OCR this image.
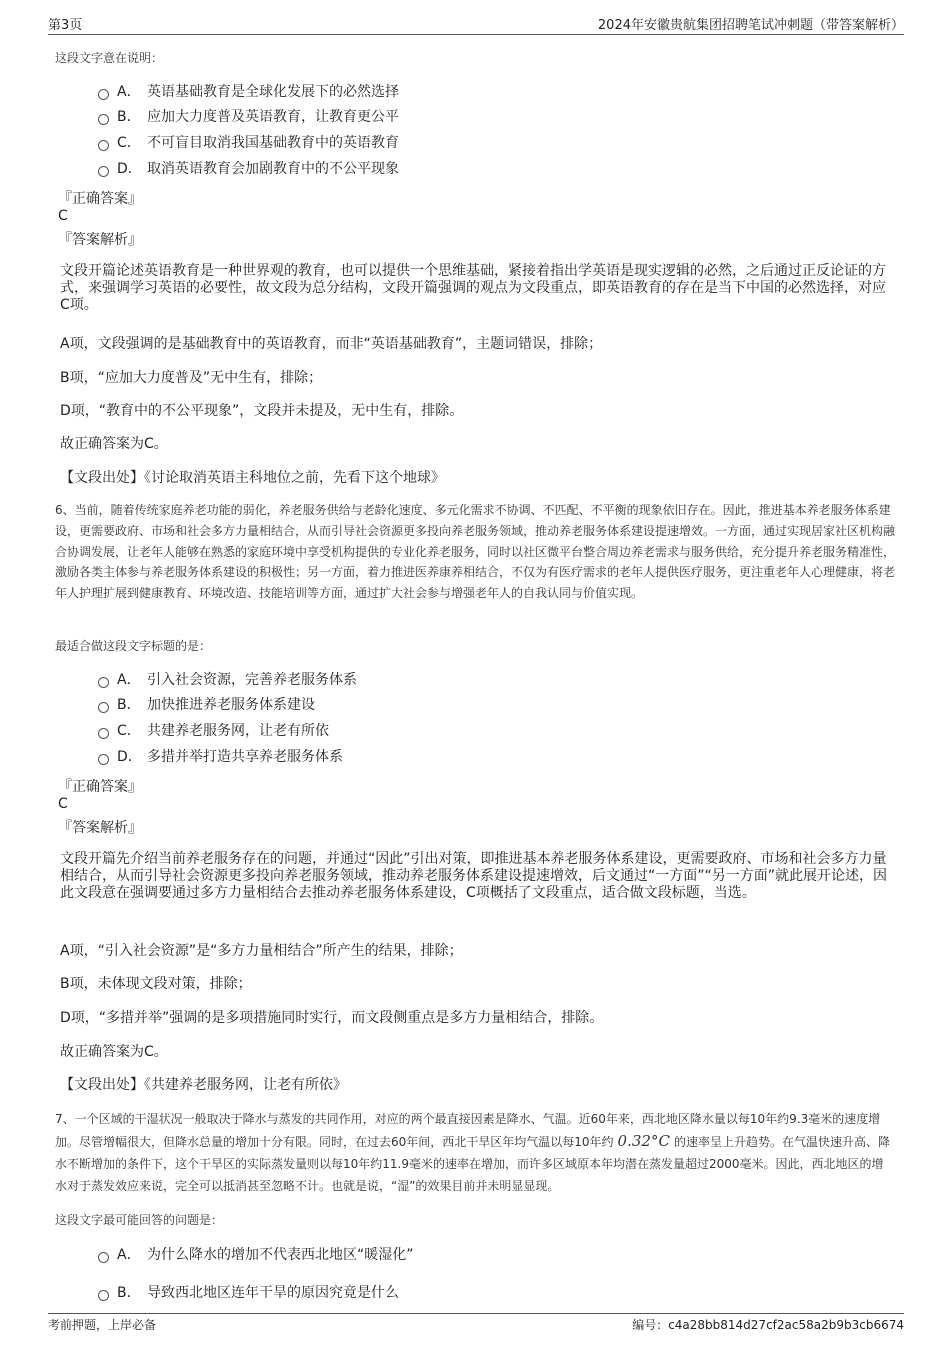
第3页	2024年安徽贵航集团招聘笔试冲刺题（带答案解析）
这段文字意在说明：
A． 英语基础教育是全球化发展下的必然选择
B． 应加大力度普及英语教育，让教育更公平
C． 不可盲目取消我国基础教育中的英语教育
D． 取消英语教育会加剧教育中的不公平现象
『正确答案』
C
『答案解析』
文段开篇论述英语教育是一种世界观的教育，也可以提供一个思维基础，紧接着指出学英语是现实逻辑的必然，之后通过正反论证的方式，来强调学习英语的必要性，故文段为总分结构，文段开篇强调的观点为文段重点，即英语教育的存在是当下中国的必然选择，对应C项。
A项，文段强调的是基础教育中的英语教育，而非“英语基础教育”，主题词错误，排除；
B项，“应加大力度普及”无中生有，排除；
D项，“教育中的不公平现象”，文段并未提及，无中生有，排除。
故正确答案为C。
【文段出处】《讨论取消英语主科地位之前，先看下这个地球》
6、当前，随着传统家庭养老功能的弱化，养老服务供给与老龄化速度、多元化需求不协调、不匹配、不平衡的现象依旧存在。因此，推进基本养老服务体系建设，更需要政府、市场和社会多方力量相结合，从而引导社会资源更多投向养老服务领域，推动养老服务体系建设提速增效。一方面，通过实现居家社区机构融合协调发展，让老年人能够在熟悉的家庭环境中享受机构提供的专业化养老服务，同时以社区微平台整合周边养老需求与服务供给，充分提升养老服务精准性，激励各类主体参与养老服务体系建设的积极性；另一方面，着力推进医养康养相结合，不仅为有医疗需求的老年人提供医疗服务，更注重老年人心理健康，将老年人护理扩展到健康教育、环境改造、技能培训等方面，通过扩大社会参与增强老年人的自我认同与价值实现。
最适合做这段文字标题的是：
A． 引入社会资源，完善养老服务体系
B． 加快推进养老服务体系建设
C． 共建养老服务网，让老有所依
D． 多措并举打造共享养老服务体系
『正确答案』
C
『答案解析』
文段开篇先介绍当前养老服务存在的问题，并通过“因此”引出对策，即推进基本养老服务体系建设，更需要政府、市场和社会多方力量相结合，从而引导社会资源更多投向养老服务领域，推动养老服务体系建设提速增效，后文通过“一方面”“另一方面”就此展开论述，因此文段意在强调要通过多方力量相结合去推动养老服务体系建设，C项概括了文段重点，适合做文段标题，当选。
A项，“引入社会资源”是“多方力量相结合”所产生的结果，排除；
B项，未体现文段对策，排除；
D项，“多措并举”强调的是多项措施同时实行，而文段侧重点是多方力量相结合，排除。
故正确答案为C。
【文段出处】《共建养老服务网，让老有所依》
7、一个区域的干湿状况一般取决于降水与蒸发的共同作用，对应的两个最直接因素是降水、气温。近60年来，西北地区降水量以每10年约9.3毫米的速度增加。尽管增幅很大，但降水总量的增加十分有限。同时，在过去60年间，西北干旱区年均气温以每10年约 0.32°C 的速率呈上升趋势。在气温快速升高、降水不断增加的条件下，这个干旱区的实际蒸发量则以每10年约11.9毫米的速率在增加，而许多区域原本年均潜在蒸发量超过2000毫米。因此，西北地区的增水对于蒸发效应来说，完全可以抵消甚至忽略不计。也就是说，“湿”的效果目前并未明显显现。
这段文字最可能回答的问题是：
A． 为什么降水的增加不代表西北地区“暖湿化”
B． 导致西北地区连年干旱的原因究竟是什么
考前押题，上岸必备	编号：c4a28bb814d27cf2ac58a2b9b3cb6674
